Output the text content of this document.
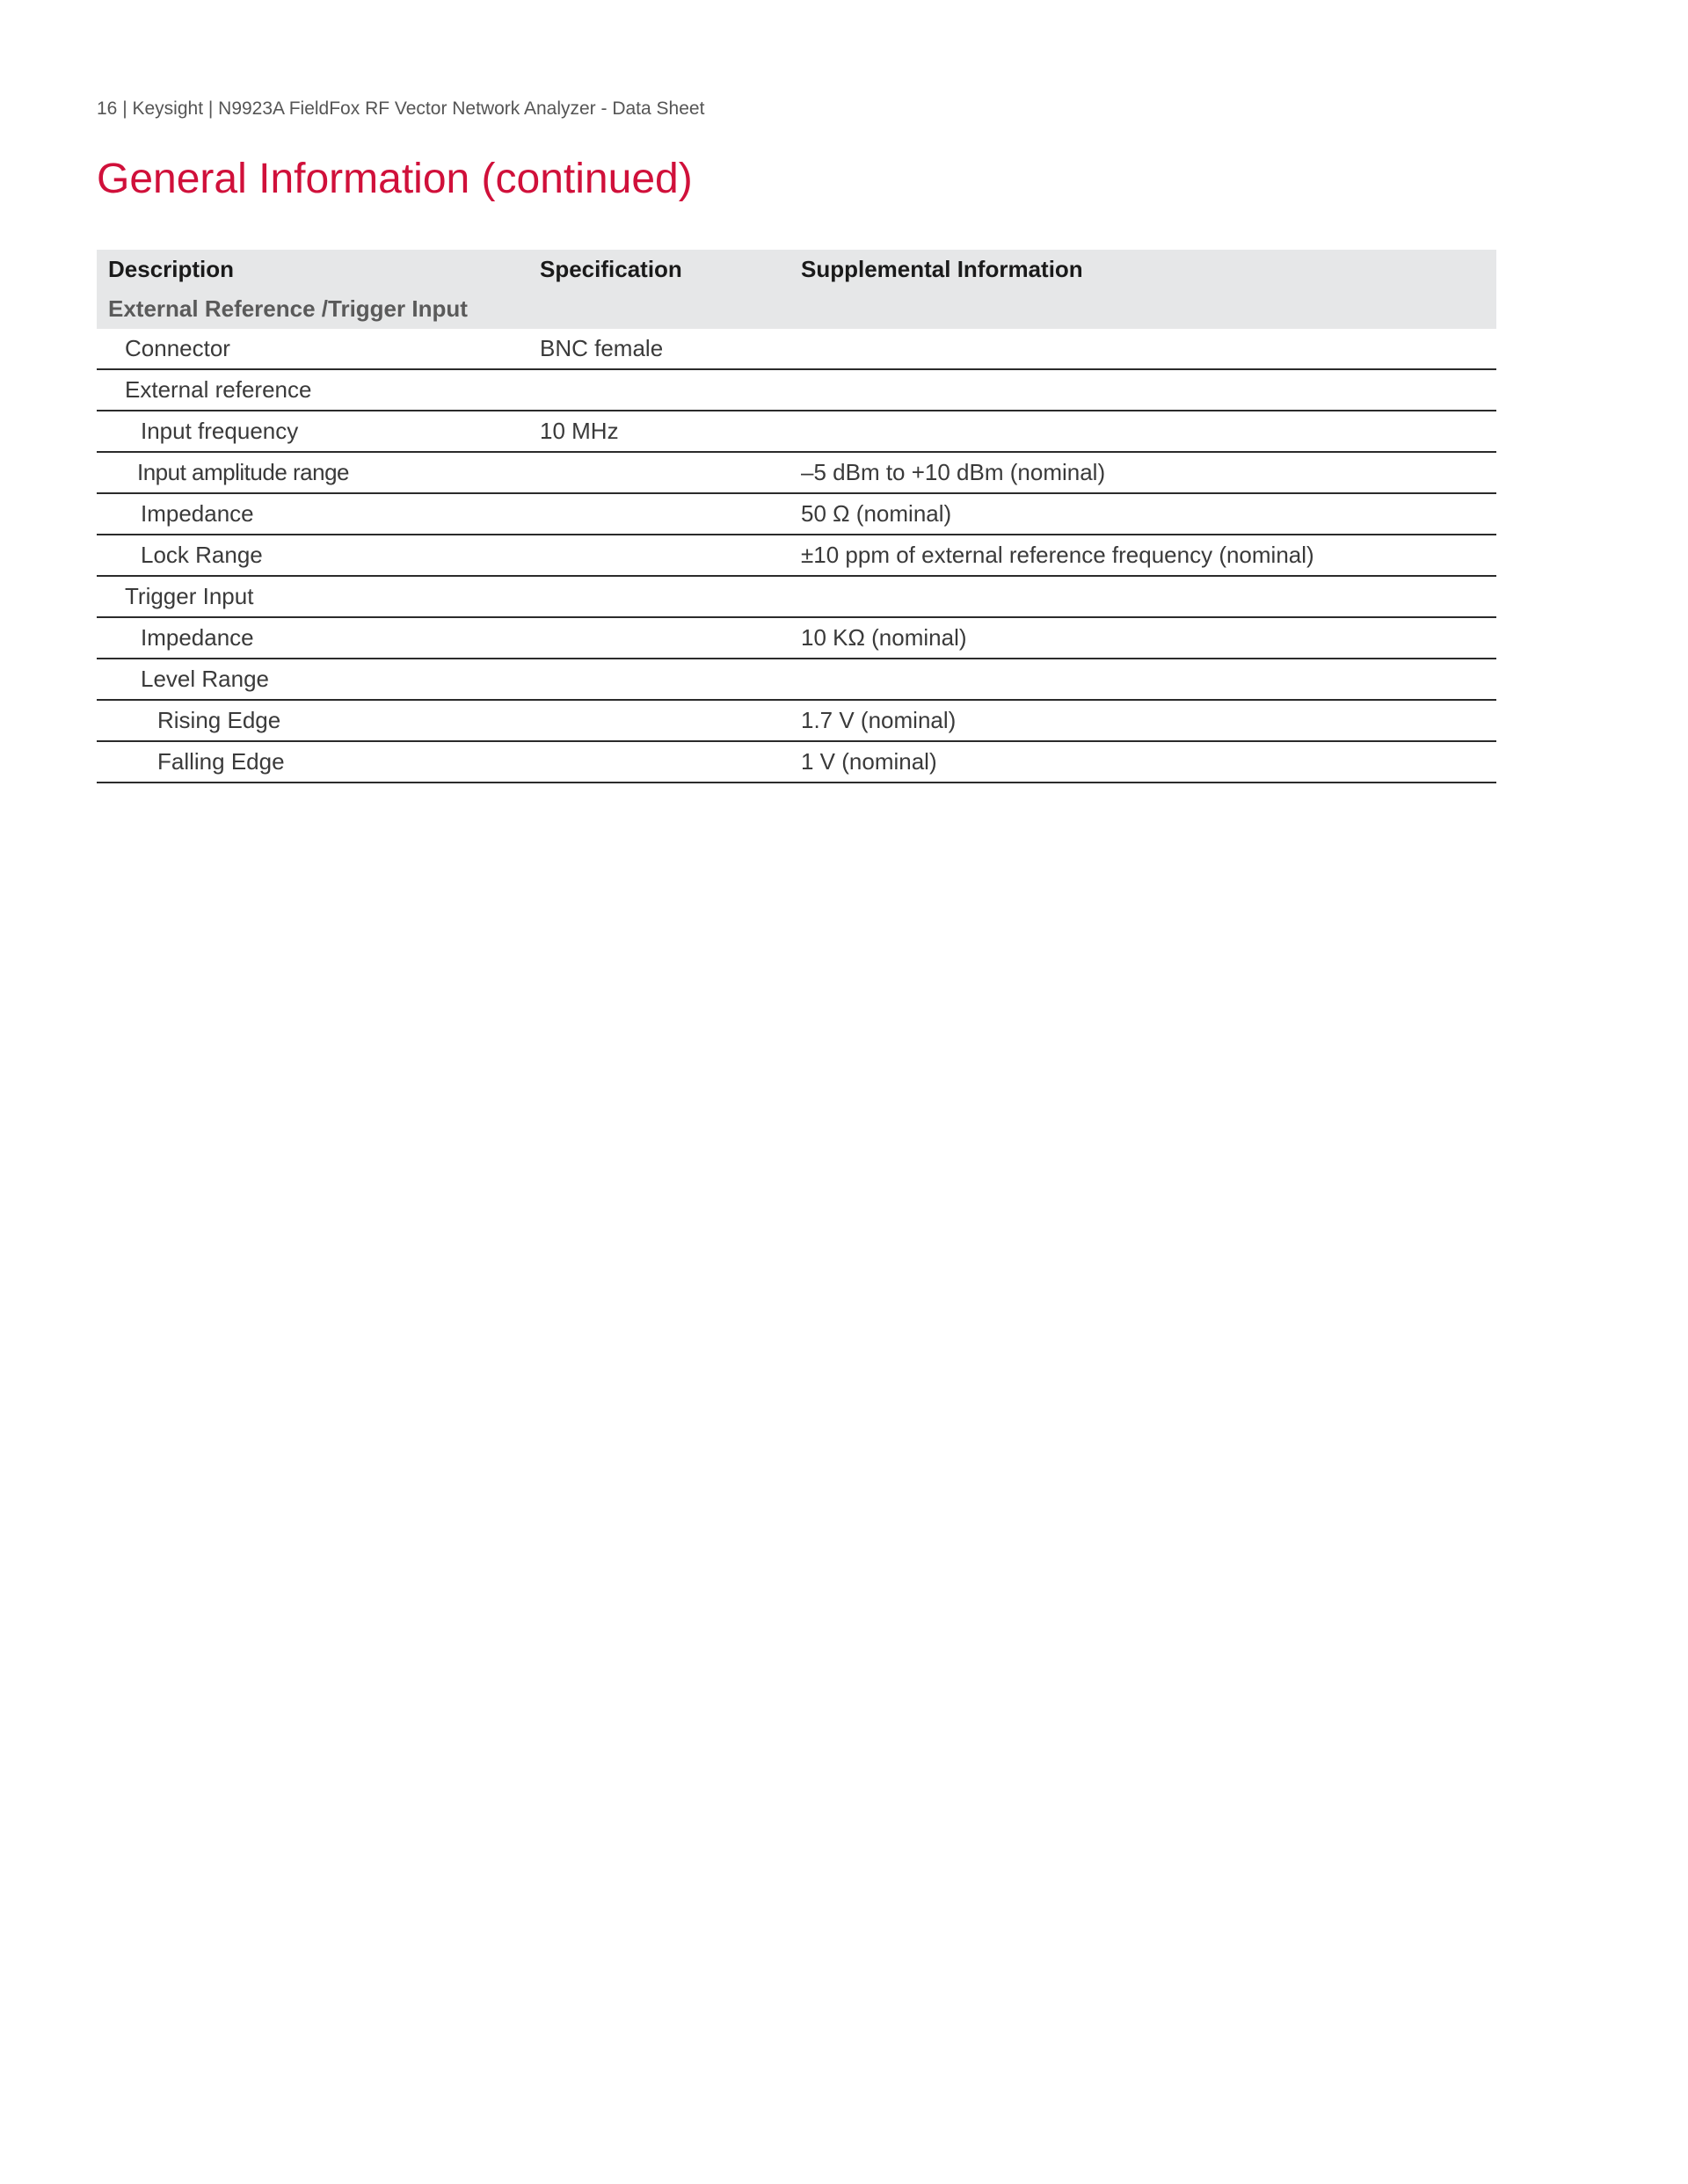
16 | Keysight | N9923A FieldFox RF Vector Network Analyzer - Data Sheet
General Information (continued)
Description	Specification	Supplemental Information
External Reference /Trigger Input		
Connector	BNC female	
External reference		
Input frequency	10 MHz	
Input amplitude range		–5 dBm to +10 dBm (nominal)
Impedance		50 Ω (nominal)
Lock Range		±10 ppm of external reference frequency (nominal)
Trigger Input		
Impedance		10 KΩ (nominal)
Level Range		
Rising Edge		1.7 V (nominal)
Falling Edge		1 V (nominal)
